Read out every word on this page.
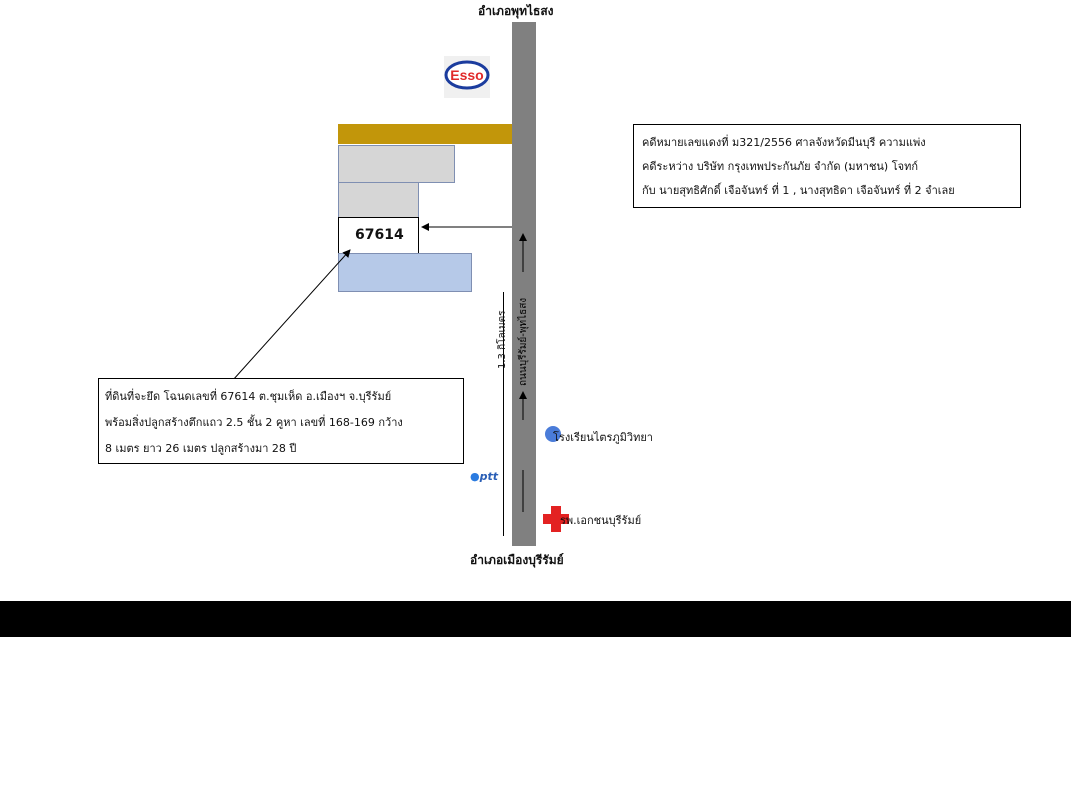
อำเภอพุทไธสง
อำเภอเมืองบุรีรัมย์
Esso
67614
1.3 กิโลเมตร	ถนนบุรีรัมย์-พุทไธสง
คดีหมายเลขแดงที่ ม321/2556 ศาลจังหวัดมีนบุรี ความแพ่ง
คดีระหว่าง บริษัท กรุงเทพประกันภัย จำกัด (มหาชน) โจทก์
กับ นายสุทธิศักดิ์ เจือจันทร์ ที่ 1 , นางสุทธิดา เจือจันทร์ ที่ 2 จำเลย
ที่ดินที่จะยึด โฉนดเลขที่ 67614 ต.ชุมเห็ด อ.เมืองฯ จ.บุรีรัมย์
พร้อมสิ่งปลูกสร้างตึกแถว 2.5 ชั้น 2 คูหา เลขที่ 168-169 กว้าง
8 เมตร ยาว 26 เมตร ปลูกสร้างมา 28 ปี
โรงเรียนไตรภูมิวิทยา
●ptt
รพ.เอกชนบุรีรัมย์
